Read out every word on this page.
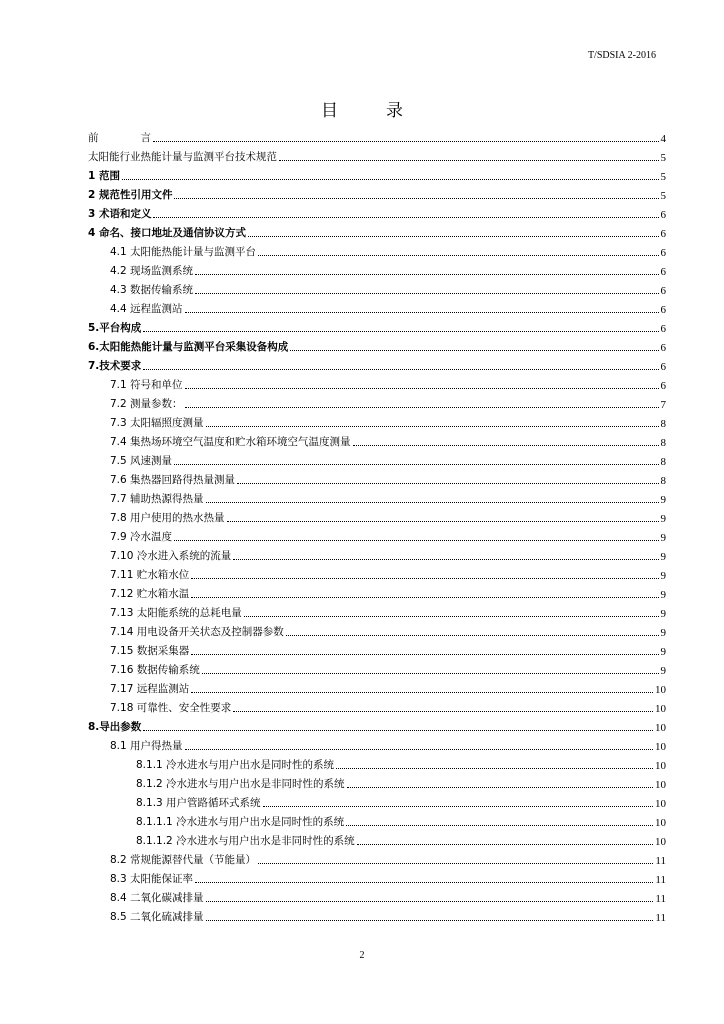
T/SDSIA 2-2016
目	录
前　　　　言	4
太阳能行业热能计量与监测平台技术规范	5
1 范围	5
2 规范性引用文件	5
3 术语和定义	6
4 命名、接口地址及通信协议方式	6
4.1 太阳能热能计量与监测平台	6
4.2 现场监测系统	6
4.3 数据传输系统	6
4.4 远程监测站	6
5.平台构成	6
6.太阳能热能计量与监测平台采集设备构成	6
7.技术要求	6
7.1 符号和单位	6
7.2 测量参数：	7
7.3 太阳辐照度测量	8
7.4 集热场环境空气温度和贮水箱环境空气温度测量	8
7.5 风速测量	8
7.6 集热器回路得热量测量	8
7.7 辅助热源得热量	9
7.8 用户使用的热水热量	9
7.9 冷水温度	9
7.10 冷水进入系统的流量	9
7.11 贮水箱水位	9
7.12 贮水箱水温	9
7.13 太阳能系统的总耗电量	9
7.14 用电设备开关状态及控制器参数	9
7.15 数据采集器	9
7.16 数据传输系统	9
7.17 远程监测站	10
7.18 可靠性、安全性要求	10
8.导出参数	10
8.1 用户得热量	10
8.1.1 冷水进水与用户出水是同时性的系统	10
8.1.2 冷水进水与用户出水是非同时性的系统	10
8.1.3 用户管路循环式系统	10
8.1.1.1 冷水进水与用户出水是同时性的系统	10
8.1.1.2 冷水进水与用户出水是非同时性的系统	10
8.2 常规能源替代量（节能量）	11
8.3 太阳能保证率	11
8.4 二氧化碳减排量	11
8.5 二氧化硫减排量	11
2
